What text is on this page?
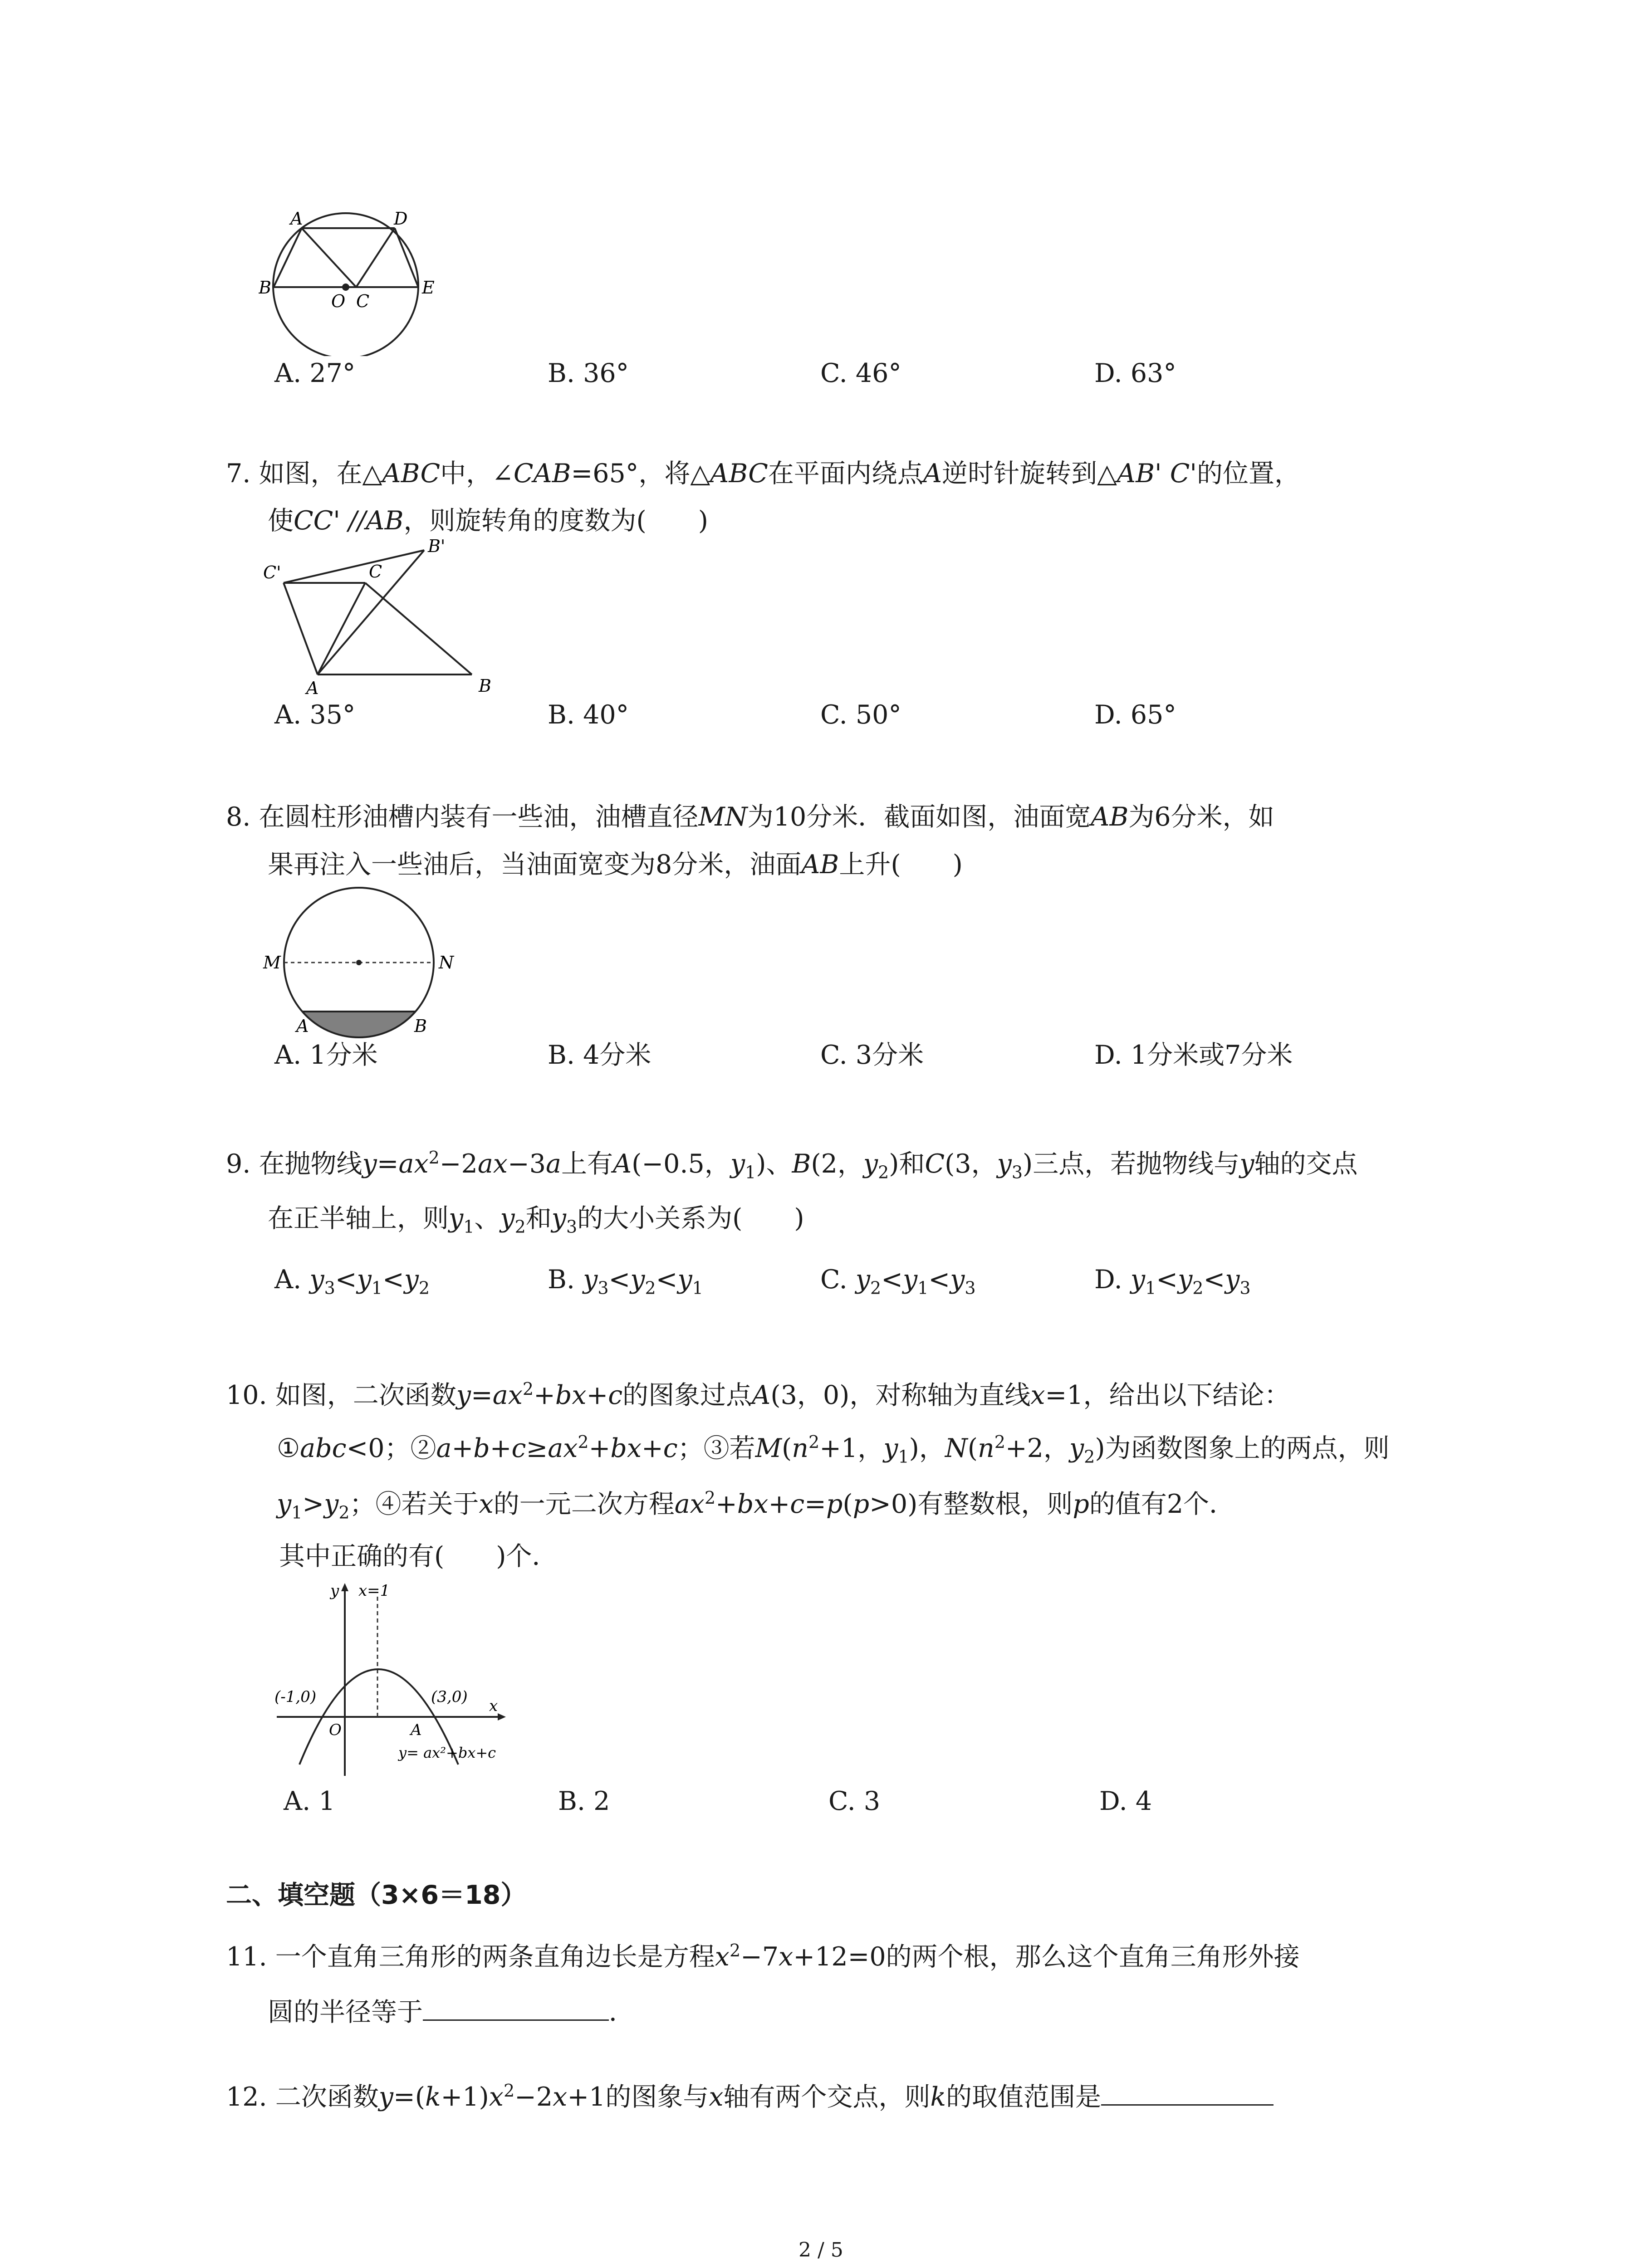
A	D
B
O C
E
A. 27°	B. 36°	C. 46°	D. 63°
7. 如图，在△ABC中，∠CAB=65°，将△ABC在平面内绕点A逆时针旋转到△AB' C'的位置，
使CC' //AB，则旋转角的度数为(　　)
C'	C
B'
A	B
A. 35°	B. 40°	C. 50°	D. 65°
8. 在圆柱形油槽内装有一些油，油槽直径MN为10分米．截面如图，油面宽AB为6分米，如
果再注入一些油后，当油面宽变为8分米，油面AB上升(　　)
M	N
A	B
A. 1分米	B. 4分米	C. 3分米	D. 1分米或7分米
9. 在抛物线$y=ax^2-2ax-3a$上有A(−0.5，$y_1$)、B(2，$y_2$)和C(3，$y_3$)三点，若抛物线与y轴的交点
在正半轴上，则$y_1$、$y_2$和$y_3$的大小关系为(　　)
A. $y_3<y_1<y_2$	B. $y_3<y_2<y_1$	C. $y_2<y_1<y_3$	D. $y_1<y_2<y_3$
10. 如图，二次函数$y=ax^2+bx+c$的图象过点A(3，0)，对称轴为直线x=1，给出以下结论：
①abc<0；$②a+b+c\ge ax^2+bx+c$；③若$M(n^2+1$，$y_1$)，$N(n^2+2$，$y_2$)为函数图象上的两点，则
$y_1>y_2$；④若关于x的一元二次方程$ax^2+bx+c=p(p>0)$有整数根，则p的值有2个．
其中正确的有(　　)个．
y x=1
(-1,0)	(3,0) x
O	A
y= ax²+bx+c
A. 1	B. 2	C. 3	D. 4
二、填空题（3×6＝18）
11. 一个直角三角形的两条直角边长是方程$x^2-7x+12=0$的两个根，那么这个直角三角形外接
圆的半径等于	．
12. 二次函数$y=(k+1)x^2-2x+1$的图象与x轴有两个交点，则k的取值范围是
2 / 5
